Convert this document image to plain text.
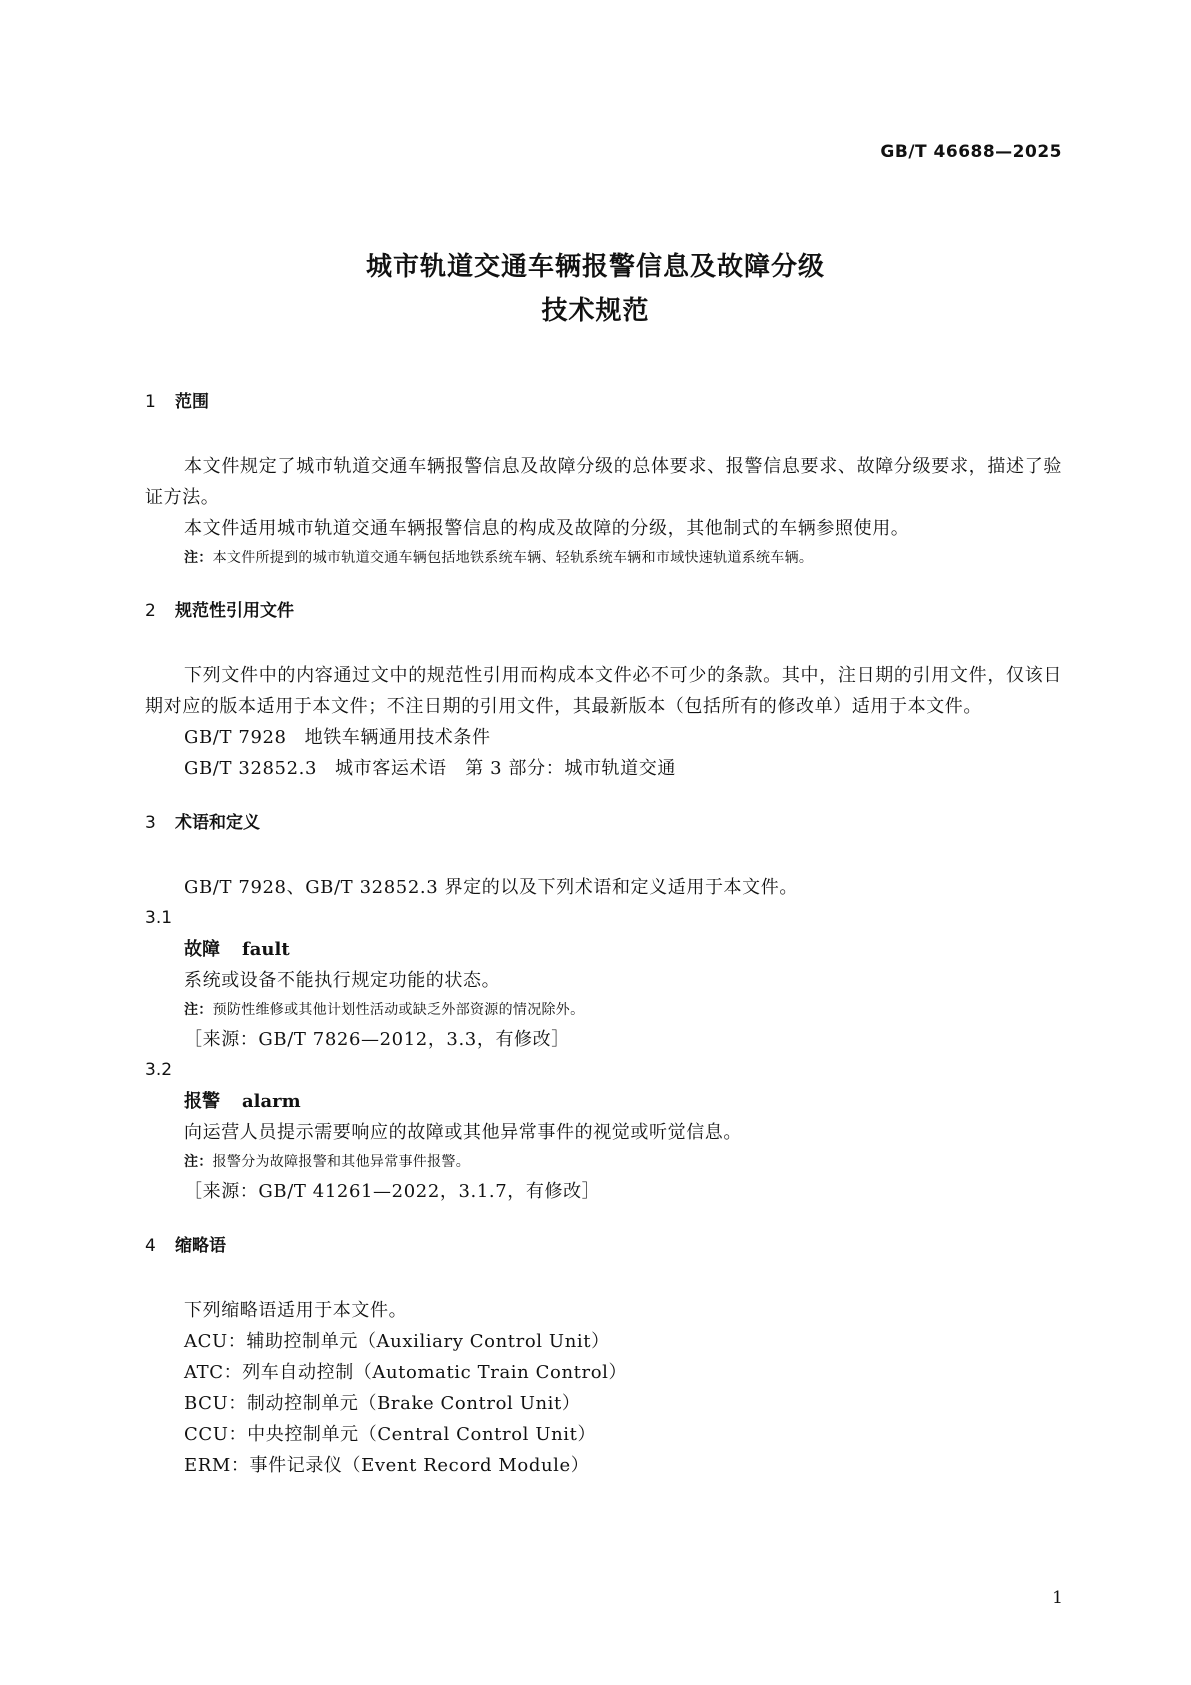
GB/T 46688—2025
城市轨道交通车辆报警信息及故障分级
技术规范

1 范围

本文件规定了城市轨道交通车辆报警信息及故障分级的总体要求、报警信息要求、故障分级要求，描述了验证方法。

本文件适用城市轨道交通车辆报警信息的构成及故障的分级，其他制式的车辆参照使用。

注：本文件所提到的城市轨道交通车辆包括地铁系统车辆、轻轨系统车辆和市域快速轨道系统车辆。

2 规范性引用文件

下列文件中的内容通过文中的规范性引用而构成本文件必不可少的条款。其中，注日期的引用文件，仅该日期对应的版本适用于本文件；不注日期的引用文件，其最新版本（包括所有的修改单）适用于本文件。

GB/T 7928 地铁车辆通用技术条件

GB/T 32852.3 城市客运术语　第 3 部分：城市轨道交通

3 术语和定义

GB/T 7928、GB/T 32852.3 界定的以及下列术语和定义适用于本文件。

3.1

故障 fault

系统或设备不能执行规定功能的状态。

注：预防性维修或其他计划性活动或缺乏外部资源的情况除外。

［来源：GB/T 7826—2012，3.3，有修改］

3.2

报警 alarm

向运营人员提示需要响应的故障或其他异常事件的视觉或听觉信息。

注：报警分为故障报警和其他异常事件报警。

［来源：GB/T 41261—2022，3.1.7，有修改］

4 缩略语

下列缩略语适用于本文件。

ACU：辅助控制单元（Auxiliary Control Unit）

ATC：列车自动控制（Automatic Train Control）

BCU：制动控制单元（Brake Control Unit）

CCU：中央控制单元（Central Control Unit）

ERM：事件记录仪（Event Record Module）

1
